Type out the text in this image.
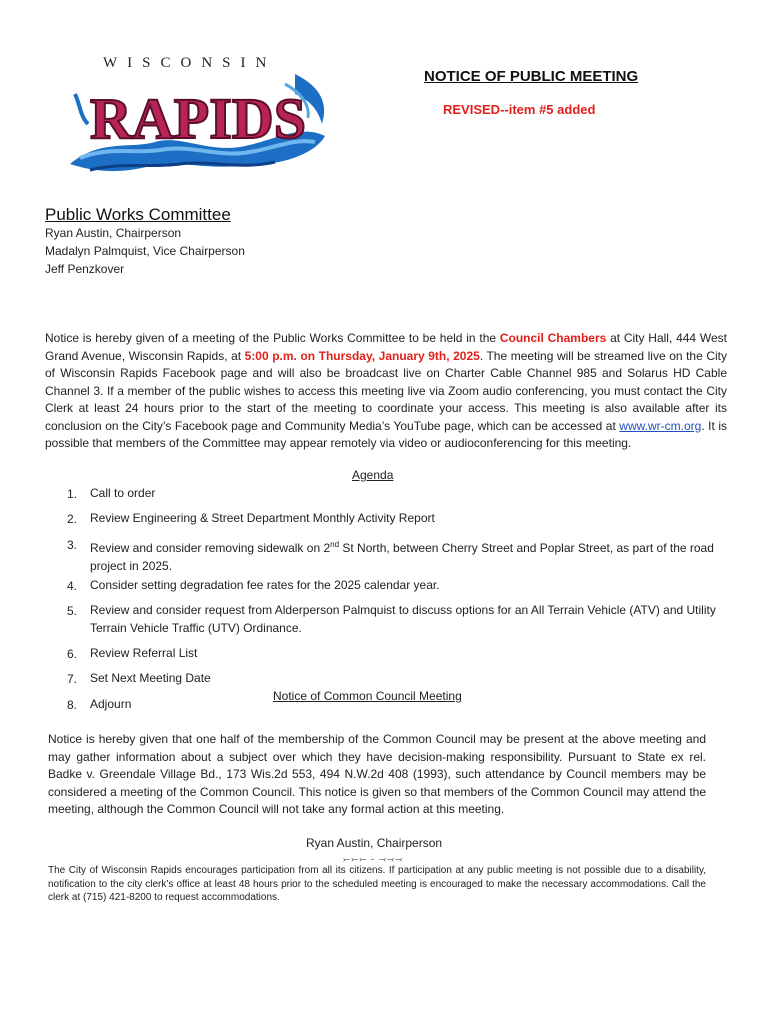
WISCONSIN
RAPIDS
NOTICE OF PUBLIC MEETING
REVISED--item #5 added
Public Works Committee
Ryan Austin, Chairperson
Madalyn Palmquist, Vice Chairperson
Jeff Penzkover
Notice is hereby given of a meeting of the Public Works Committee to be held in the Council Chambers at City Hall, 444 West Grand Avenue, Wisconsin Rapids, at 5:00 p.m. on Thursday, January 9th, 2025. The meeting will be streamed live on the City of Wisconsin Rapids Facebook page and will also be broadcast live on Charter Cable Channel 985 and Solarus HD Cable Channel 3. If a member of the public wishes to access this meeting live via Zoom audio conferencing, you must contact the City Clerk at least 24 hours prior to the start of the meeting to coordinate your access. This meeting is also available after its conclusion on the City’s Facebook page and Community Media’s YouTube page, which can be accessed at www.wr-cm.org. It is possible that members of the Committee may appear remotely via video or audioconferencing for this meeting.
Agenda
1. Call to order
2. Review Engineering & Street Department Monthly Activity Report
3. Review and consider removing sidewalk on 2nd St North, between Cherry Street and Poplar Street, as part of the road project in 2025.
4. Consider setting degradation fee rates for the 2025 calendar year.
5. Review and consider request from Alderperson Palmquist to discuss options for an All Terrain Vehicle (ATV) and Utility Terrain Vehicle Traffic (UTV) Ordinance.
6. Review Referral List
7. Set Next Meeting Date
Notice of Common Council Meeting
8. Adjourn
Notice is hereby given that one half of the membership of the Common Council may be present at the above meeting and may gather information about a subject over which they have decision-making responsibility. Pursuant to State ex rel. Badke v. Greendale Village Bd., 173 Wis.2d 553, 494 N.W.2d 408 (1993), such attendance by Council members may be considered a meeting of the Common Council. This notice is given so that members of the Common Council may attend the meeting, although the Common Council will not take any formal action at this meeting.
Ryan Austin, Chairperson
⤚⤚⤚ - ⤙⤙⤙
The City of Wisconsin Rapids encourages participation from all its citizens. If participation at any public meeting is not possible due to a disability, notification to the city clerk’s office at least 48 hours prior to the scheduled meeting is encouraged to make the necessary accommodations. Call the clerk at (715) 421-8200 to request accommodations.
